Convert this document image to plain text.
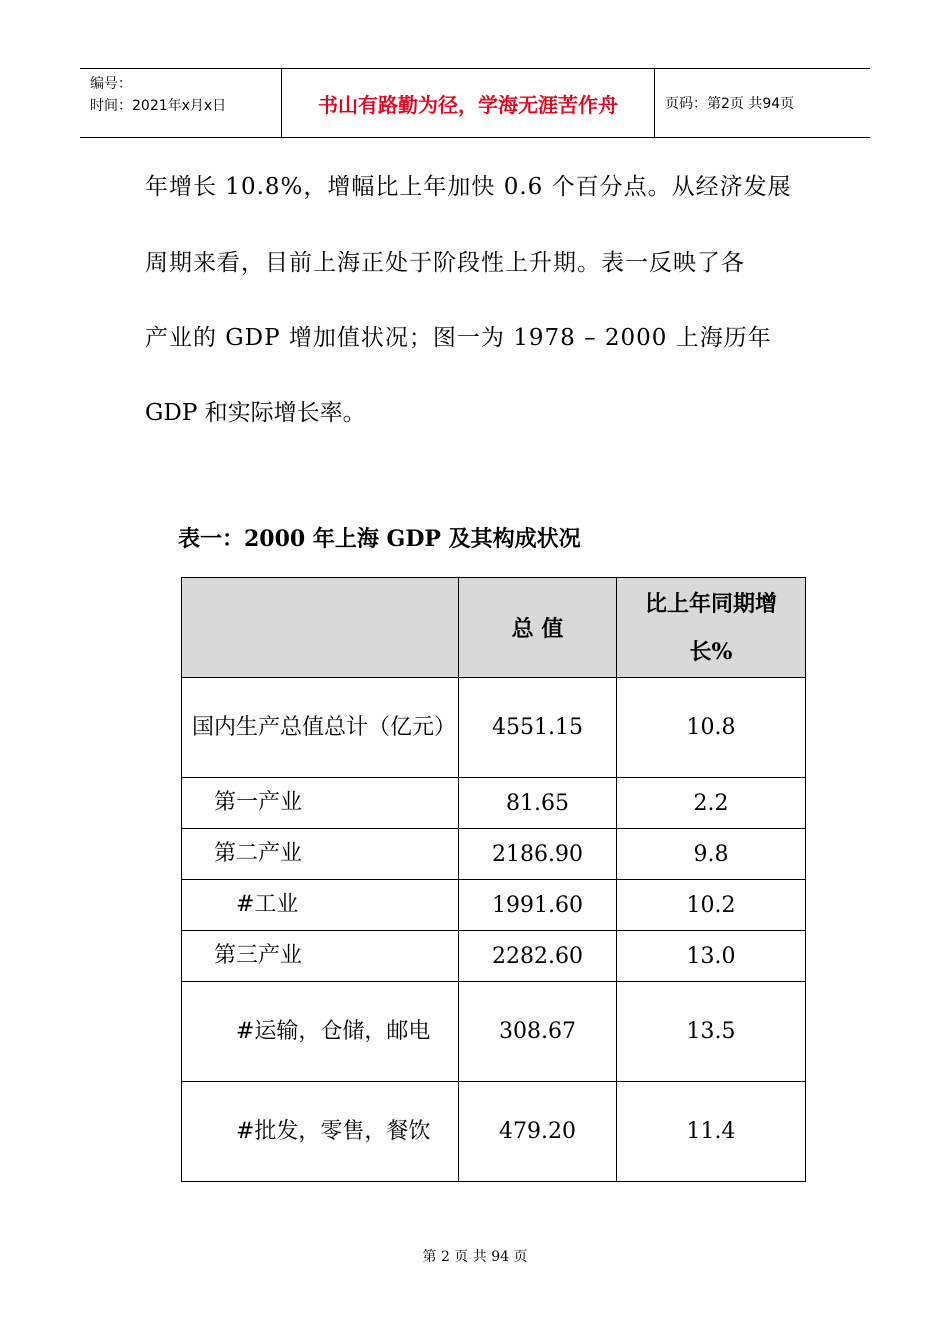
编号：
时间：2021年x月x日	书山有路勤为径，学海无涯苦作舟	页码：第2页 共94页
年增长 10.8%，增幅比上年加快 0.6 个百分点。从经济发展
周期来看，目前上海正处于阶段性上升期。表一反映了各
产业的 GDP 增加值状况；图一为 1978 – 2000 上海历年
GDP 和实际增长率。
表一：2000 年上海 GDP 及其构成状况
	总 值	比上年同期增长%
国内生产总值总计（亿元）	4551.15	10.8
　第一产业	81.65	2.2
　第二产业	2186.90	9.8
　　#工业	1991.60	10.2
　第三产业	2282.60	13.0
　　#运输，仓储，邮电	308.67	13.5
　　#批发，零售，餐饮	479.20	11.4
第 2 页 共 94 页
